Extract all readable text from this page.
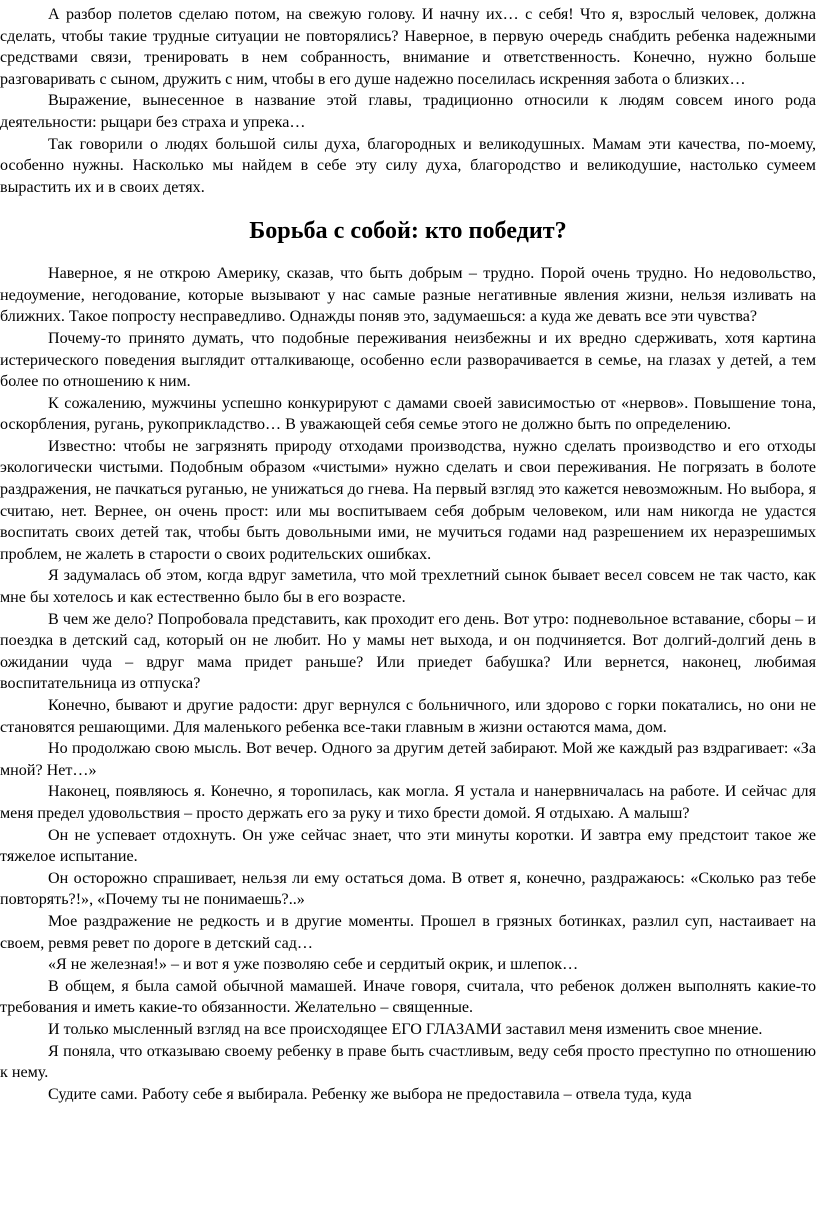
А разбор полетов сделаю потом, на свежую голову. И начну их… с себя! Что я, взрослый человек, должна сделать, чтобы такие трудные ситуации не повторялись? Наверное, в первую очередь снабдить ребенка надежными средствами связи, тренировать в нем собранность, внимание и ответственность. Конечно, нужно больше разговаривать с сыном, дружить с ним, чтобы в его душе надежно поселилась искренняя забота о близких…

Выражение, вынесенное в название этой главы, традиционно относили к людям совсем иного рода деятельности: рыцари без страха и упрека…

Так говорили о людях большой силы духа, благородных и великодушных. Мамам эти качества, по-моему, особенно нужны. Насколько мы найдем в себе эту силу духа, благородство и великодушие, настолько сумеем вырастить их и в своих детях.

Борьба с собой: кто победит?

Наверное, я не открою Америку, сказав, что быть добрым – трудно. Порой очень трудно. Но недовольство, недоумение, негодование, которые вызывают у нас самые разные негативные явления жизни, нельзя изливать на ближних. Такое попросту несправедливо. Однажды поняв это, задумаешься: а куда же девать все эти чувства?

Почему-то принято думать, что подобные переживания неизбежны и их вредно сдерживать, хотя картина истерического поведения выглядит отталкивающе, особенно если разворачивается в семье, на глазах у детей, а тем более по отношению к ним.

К сожалению, мужчины успешно конкурируют с дамами своей зависимостью от «нервов». Повышение тона, оскорбления, ругань, рукоприкладство… В уважающей себя семье этого не должно быть по определению.

Известно: чтобы не загрязнять природу отходами производства, нужно сделать производство и его отходы экологически чистыми. Подобным образом «чистыми» нужно сделать и свои переживания. Не погрязать в болоте раздражения, не пачкаться руганью, не унижаться до гнева. На первый взгляд это кажется невозможным. Но выбора, я считаю, нет. Вернее, он очень прост: или мы воспитываем себя добрым человеком, или нам никогда не удастся воспитать своих детей так, чтобы быть довольными ими, не мучиться годами над разрешением их неразрешимых проблем, не жалеть в старости о своих родительских ошибках.

Я задумалась об этом, когда вдруг заметила, что мой трехлетний сынок бывает весел совсем не так часто, как мне бы хотелось и как естественно было бы в его возрасте.

В чем же дело? Попробовала представить, как проходит его день. Вот утро: подневольное вставание, сборы – и поездка в детский сад, который он не любит. Но у мамы нет выхода, и он подчиняется. Вот долгий-долгий день в ожидании чуда – вдруг мама придет раньше? Или приедет бабушка? Или вернется, наконец, любимая воспитательница из отпуска?

Конечно, бывают и другие радости: друг вернулся с больничного, или здорово с горки покатались, но они не становятся решающими. Для маленького ребенка все-таки главным в жизни остаются мама, дом.

Но продолжаю свою мысль. Вот вечер. Одного за другим детей забирают. Мой же каждый раз вздрагивает: «За мной? Нет…»

Наконец, появляюсь я. Конечно, я торопилась, как могла. Я устала и нанервничалась на работе. И сейчас для меня предел удовольствия – просто держать его за руку и тихо брести домой. Я отдыхаю. А малыш?

Он не успевает отдохнуть. Он уже сейчас знает, что эти минуты коротки. И завтра ему предстоит такое же тяжелое испытание.

Он осторожно спрашивает, нельзя ли ему остаться дома. В ответ я, конечно, раздражаюсь: «Сколько раз тебе повторять?!», «Почему ты не понимаешь?..»

Мое раздражение не редкость и в другие моменты. Прошел в грязных ботинках, разлил суп, настаивает на своем, ревмя ревет по дороге в детский сад…

«Я не железная!» – и вот я уже позволяю себе и сердитый окрик, и шлепок…

В общем, я была самой обычной мамашей. Иначе говоря, считала, что ребенок должен выполнять какие-то требования и иметь какие-то обязанности. Желательно – священные.

И только мысленный взгляд на все происходящее ЕГО ГЛАЗАМИ заставил меня изменить свое мнение.

Я поняла, что отказываю своему ребенку в праве быть счастливым, веду себя просто преступно по отношению к нему.

Судите сами. Работу себе я выбирала. Ребенку же выбора не предоставила – отвела туда, куда
